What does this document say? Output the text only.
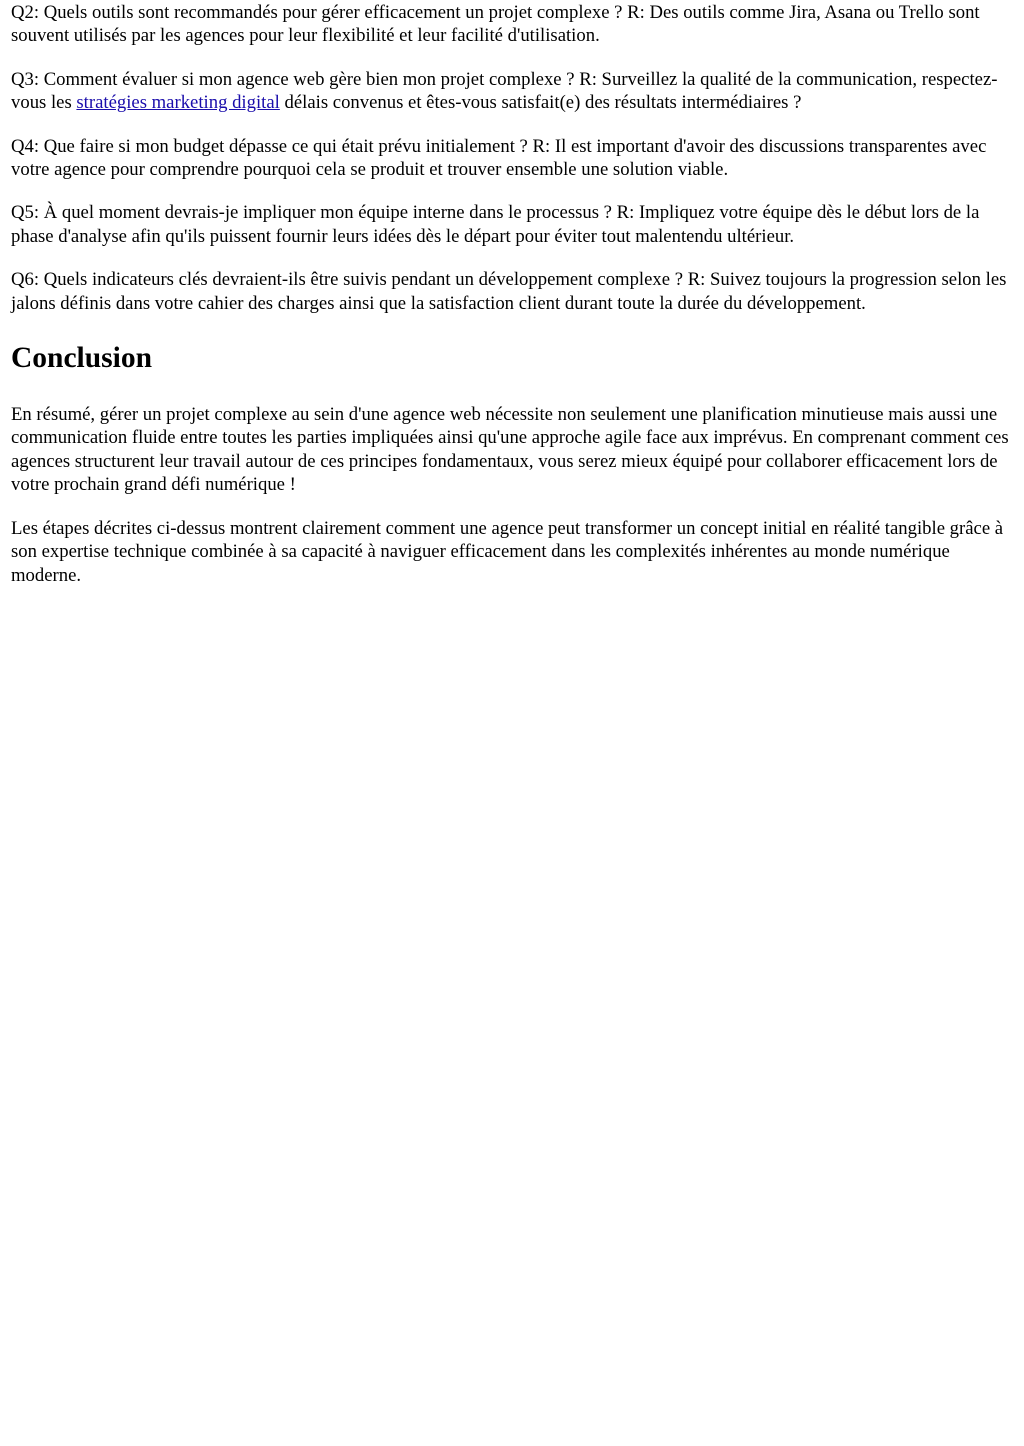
Q2: Quels outils sont recommandés pour gérer efficacement un projet complexe ? R: Des outils comme Jira, Asana ou Trello sont souvent utilisés par les agences pour leur flexibilité et leur facilité d'utilisation.

Q3: Comment évaluer si mon agence web gère bien mon projet complexe ? R: Surveillez la qualité de la communication, respectez-vous les stratégies marketing digital délais convenus et êtes-vous satisfait(e) des résultats intermédiaires ?

Q4: Que faire si mon budget dépasse ce qui était prévu initialement ? R: Il est important d'avoir des discussions transparentes avec votre agence pour comprendre pourquoi cela se produit et trouver ensemble une solution viable.

Q5: À quel moment devrais-je impliquer mon équipe interne dans le processus ? R: Impliquez votre équipe dès le début lors de la phase d'analyse afin qu'ils puissent fournir leurs idées dès le départ pour éviter tout malentendu ultérieur.

Q6: Quels indicateurs clés devraient-ils être suivis pendant un développement complexe ? R: Suivez toujours la progression selon les jalons définis dans votre cahier des charges ainsi que la satisfaction client durant toute la durée du développement.

Conclusion

En résumé, gérer un projet complexe au sein d'une agence web nécessite non seulement une planification minutieuse mais aussi une communication fluide entre toutes les parties impliquées ainsi qu'une approche agile face aux imprévus. En comprenant comment ces agences structurent leur travail autour de ces principes fondamentaux, vous serez mieux équipé pour collaborer efficacement lors de votre prochain grand défi numérique !

Les étapes décrites ci-dessus montrent clairement comment une agence peut transformer un concept initial en réalité tangible grâce à son expertise technique combinée à sa capacité à naviguer efficacement dans les complexités inhérentes au monde numérique moderne.
